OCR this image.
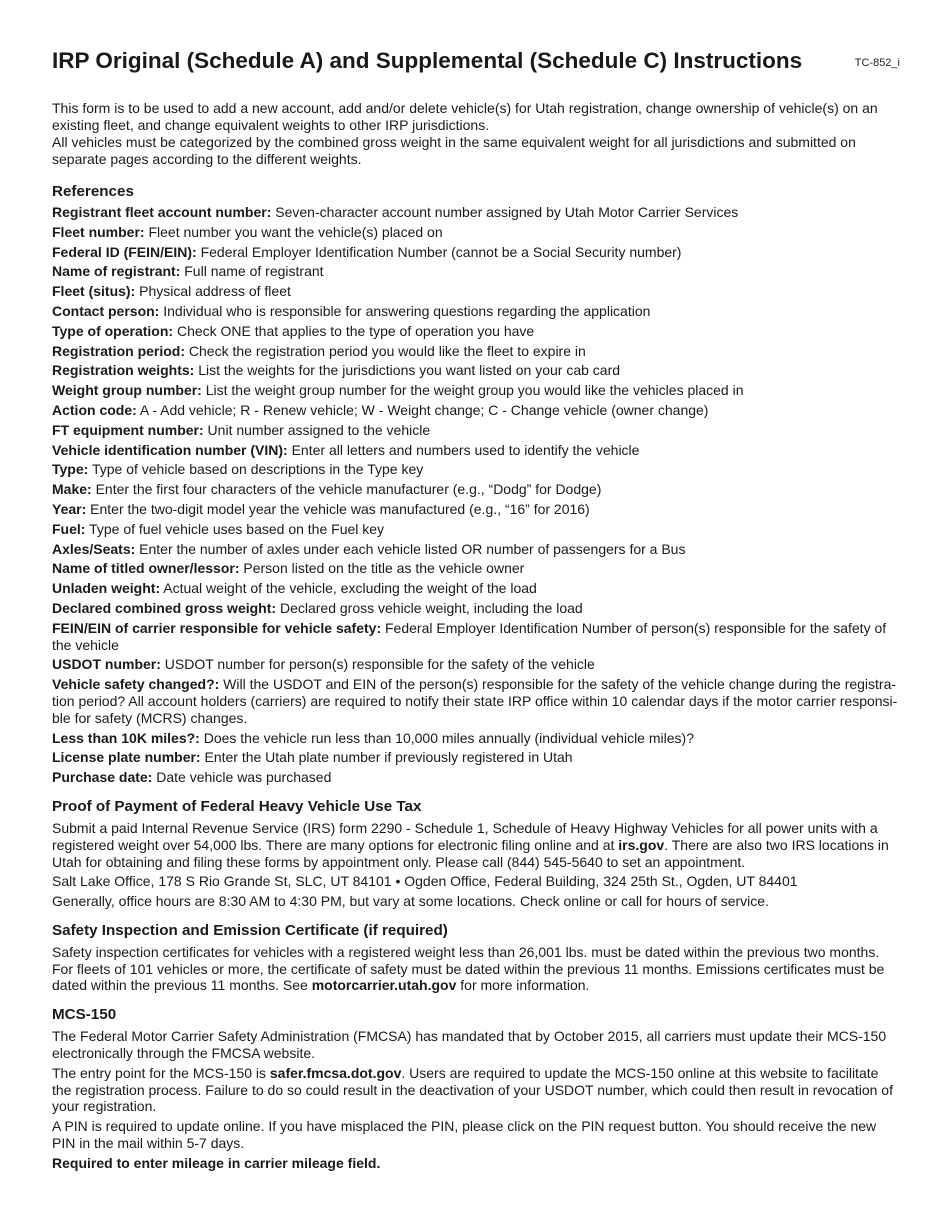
IRP Original (Schedule A) and Supplemental (Schedule C) Instructions	TC-852_i

This form is to be used to add a new account, add and/or delete vehicle(s) for Utah registration, change ownership of vehicle(s) on an existing fleet, and change equivalent weights to other IRP jurisdictions.

All vehicles must be categorized by the combined gross weight in the same equivalent weight for all jurisdictions and submitted on separate pages according to the different weights.

References

Registrant fleet account number: Seven-character account number assigned by Utah Motor Carrier Services

Fleet number: Fleet number you want the vehicle(s) placed on

Federal ID (FEIN/EIN): Federal Employer Identification Number (cannot be a Social Security number)

Name of registrant: Full name of registrant

Fleet (situs): Physical address of fleet

Contact person: Individual who is responsible for answering questions regarding the application

Type of operation: Check ONE that applies to the type of operation you have

Registration period: Check the registration period you would like the fleet to expire in

Registration weights: List the weights for the jurisdictions you want listed on your cab card

Weight group number: List the weight group number for the weight group you would like the vehicles placed in

Action code: A - Add vehicle; R - Renew vehicle; W - Weight change; C - Change vehicle (owner change)

FT equipment number: Unit number assigned to the vehicle

Vehicle identification number (VIN): Enter all letters and numbers used to identify the vehicle

Type: Type of vehicle based on descriptions in the Type key

Make: Enter the first four characters of the vehicle manufacturer (e.g., “Dodg” for Dodge)

Year: Enter the two-digit model year the vehicle was manufactured (e.g., “16” for 2016)

Fuel: Type of fuel vehicle uses based on the Fuel key

Axles/Seats: Enter the number of axles under each vehicle listed OR number of passengers for a Bus

Name of titled owner/lessor: Person listed on the title as the vehicle owner

Unladen weight: Actual weight of the vehicle, excluding the weight of the load

Declared combined gross weight: Declared gross vehicle weight, including the load

FEIN/EIN of carrier responsible for vehicle safety: Federal Employer Identification Number of person(s) responsible for the safety of the vehicle

USDOT number: USDOT number for person(s) responsible for the safety of the vehicle

Vehicle safety changed?: Will the USDOT and EIN of the person(s) responsible for the safety of the vehicle change during the registra-tion period? All account holders (carriers) are required to notify their state IRP office within 10 calendar days if the motor carrier responsi-ble for safety (MCRS) changes.

Less than 10K miles?: Does the vehicle run less than 10,000 miles annually (individual vehicle miles)?

License plate number: Enter the Utah plate number if previously registered in Utah

Purchase date: Date vehicle was purchased

Proof of Payment of Federal Heavy Vehicle Use Tax

Submit a paid Internal Revenue Service (IRS) form 2290 - Schedule 1, Schedule of Heavy Highway Vehicles for all power units with a registered weight over 54,000 lbs. There are many options for electronic filing online and at irs.gov. There are also two IRS locations in Utah for obtaining and filing these forms by appointment only. Please call (844) 545-5640 to set an appointment.

Salt Lake Office, 178 S Rio Grande St, SLC, UT 84101 • Ogden Office, Federal Building, 324 25th St., Ogden, UT 84401

Generally, office hours are 8:30 AM to 4:30 PM, but vary at some locations. Check online or call for hours of service.

Safety Inspection and Emission Certificate (if required)

Safety inspection certificates for vehicles with a registered weight less than 26,001 lbs. must be dated within the previous two months. For fleets of 101 vehicles or more, the certificate of safety must be dated within the previous 11 months. Emissions certificates must be dated within the previous 11 months. See motorcarrier.utah.gov for more information.

MCS-150

The Federal Motor Carrier Safety Administration (FMCSA) has mandated that by October 2015, all carriers must update their MCS-150 electronically through the FMCSA website.

The entry point for the MCS-150 is safer.fmcsa.dot.gov. Users are required to update the MCS-150 online at this website to facilitate the registration process. Failure to do so could result in the deactivation of your USDOT number, which could then result in revocation of your registration.

A PIN is required to update online. If you have misplaced the PIN, please click on the PIN request button. You should receive the new PIN in the mail within 5-7 days.

Required to enter mileage in carrier mileage field.
